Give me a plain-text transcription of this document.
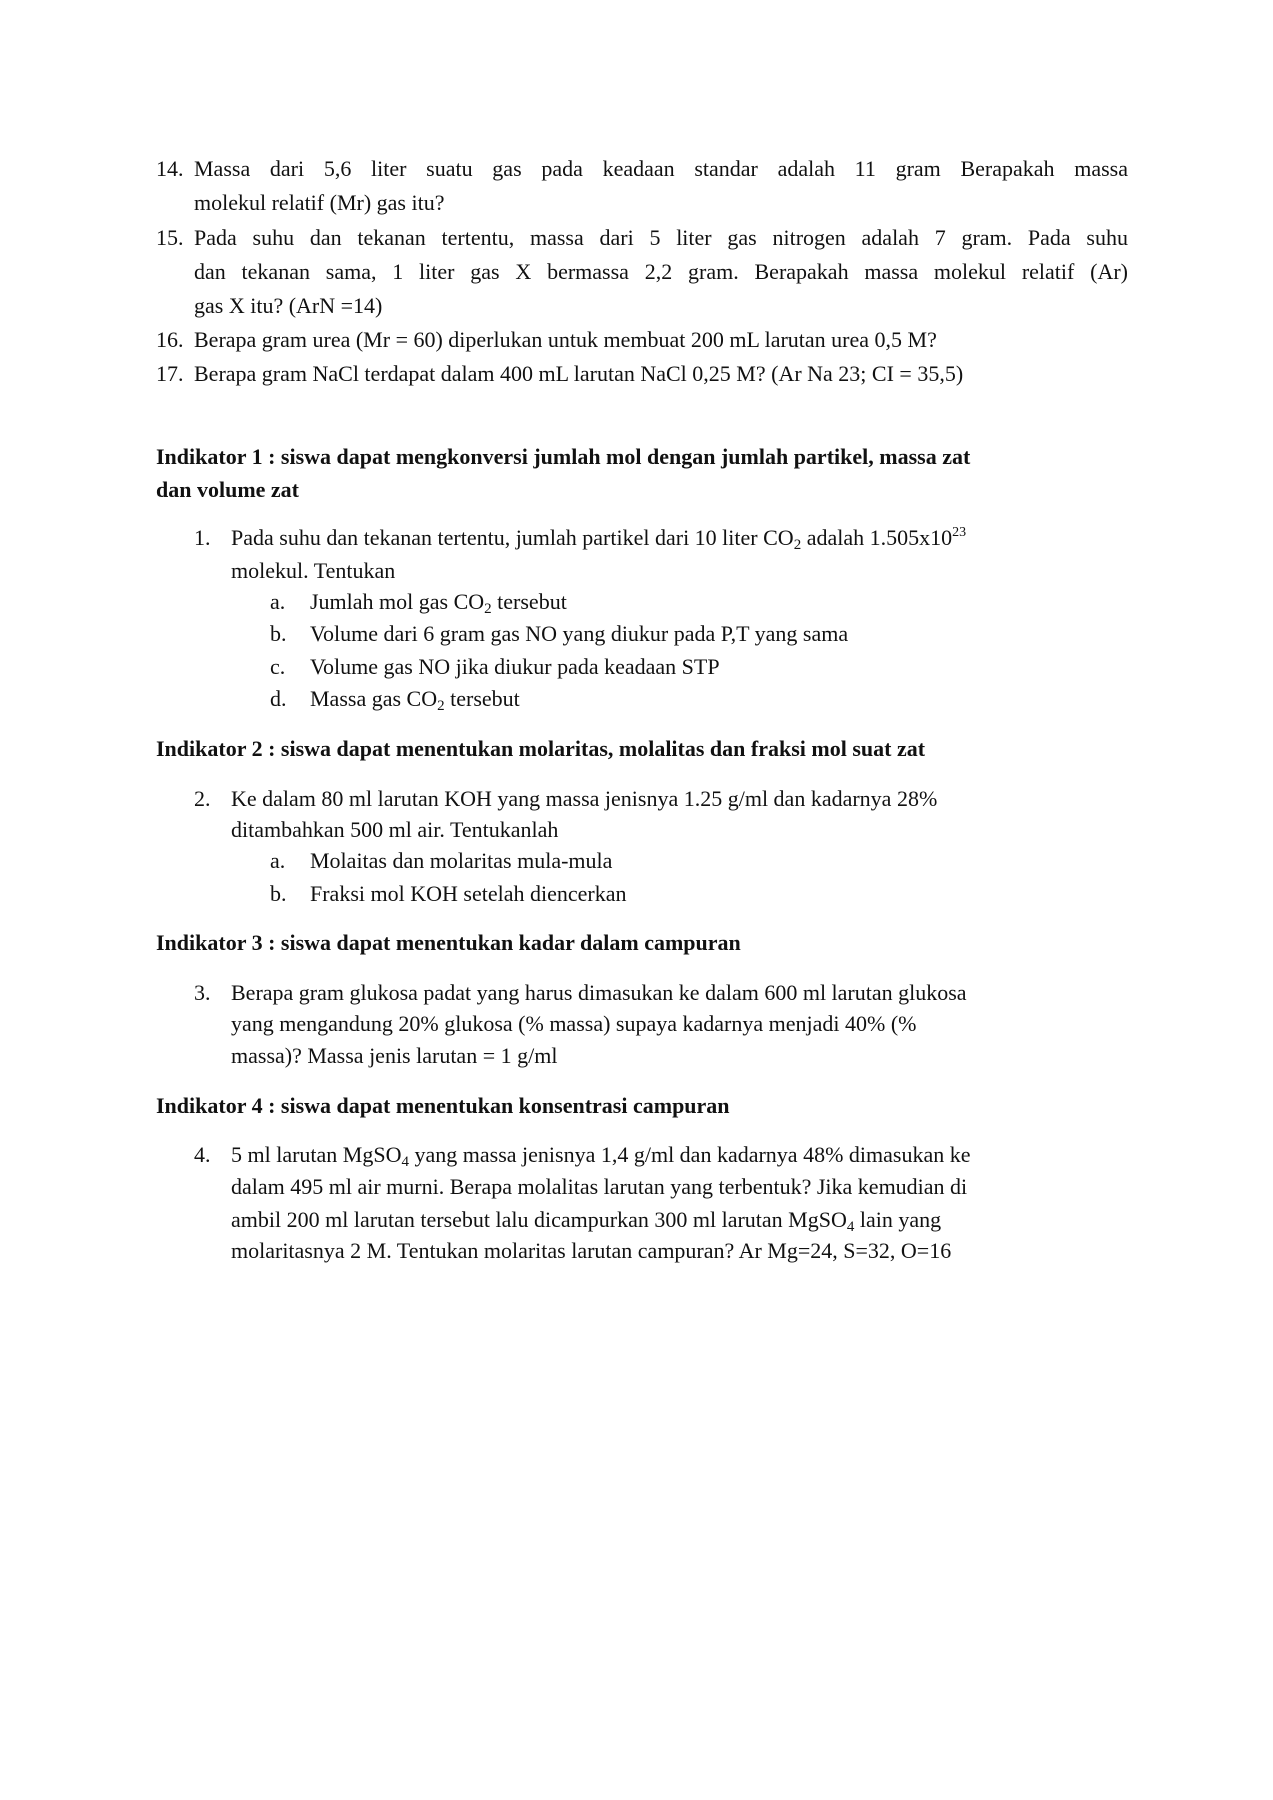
14. Massa dari 5,6 liter suatu gas pada keadaan standar adalah 11 gram Berapakah massa
molekul relatif (Mr) gas itu?
15. Pada suhu dan tekanan tertentu, massa dari 5 liter gas nitrogen adalah 7 gram. Pada suhu
dan tekanan sama, 1 liter gas X bermassa 2,2 gram. Berapakah massa molekul relatif (Ar)
gas X itu? (ArN =14)
16. Berapa gram urea (Mr = 60) diperlukan untuk membuat 200 mL larutan urea 0,5 M?
17. Berapa gram NaCl terdapat dalam 400 mL larutan NaCl 0,25 M? (Ar Na 23; CI = 35,5)
Indikator 1 : siswa dapat mengkonversi jumlah mol dengan jumlah partikel, massa zat
dan volume zat
1. Pada suhu dan tekanan tertentu, jumlah partikel dari 10 liter $CO_2$ adalah $1.505x10^{23}$
molekul. Tentukan
a. Jumlah mol gas $CO_2$ tersebut
b. Volume dari 6 gram gas NO yang diukur pada P,T yang sama
c. Volume gas NO jika diukur pada keadaan STP
d. Massa gas $CO_2$ tersebut
Indikator 2 : siswa dapat menentukan molaritas, molalitas dan fraksi mol suat zat
2. Ke dalam 80 ml larutan KOH yang massa jenisnya 1.25 g/ml dan kadarnya 28%
ditambahkan 500 ml air. Tentukanlah
a. Molaitas dan molaritas mula-mula
b. Fraksi mol KOH setelah diencerkan
Indikator 3 : siswa dapat menentukan kadar dalam campuran
3. Berapa gram glukosa padat yang harus dimasukan ke dalam 600 ml larutan glukosa
yang mengandung 20% glukosa (% massa) supaya kadarnya menjadi 40% (%
massa)? Massa jenis larutan = 1 g/ml
Indikator 4 : siswa dapat menentukan konsentrasi campuran
4. 5 ml larutan MgSO$_4$ yang massa jenisnya 1,4 g/ml dan kadarnya 48% dimasukan ke
dalam 495 ml air murni. Berapa molalitas larutan yang terbentuk? Jika kemudian di
ambil 200 ml larutan tersebut lalu dicampurkan 300 ml larutan MgSO$_4$ lain yang
molaritasnya 2 M. Tentukan molaritas larutan campuran? Ar Mg=24, S=32, O=16
